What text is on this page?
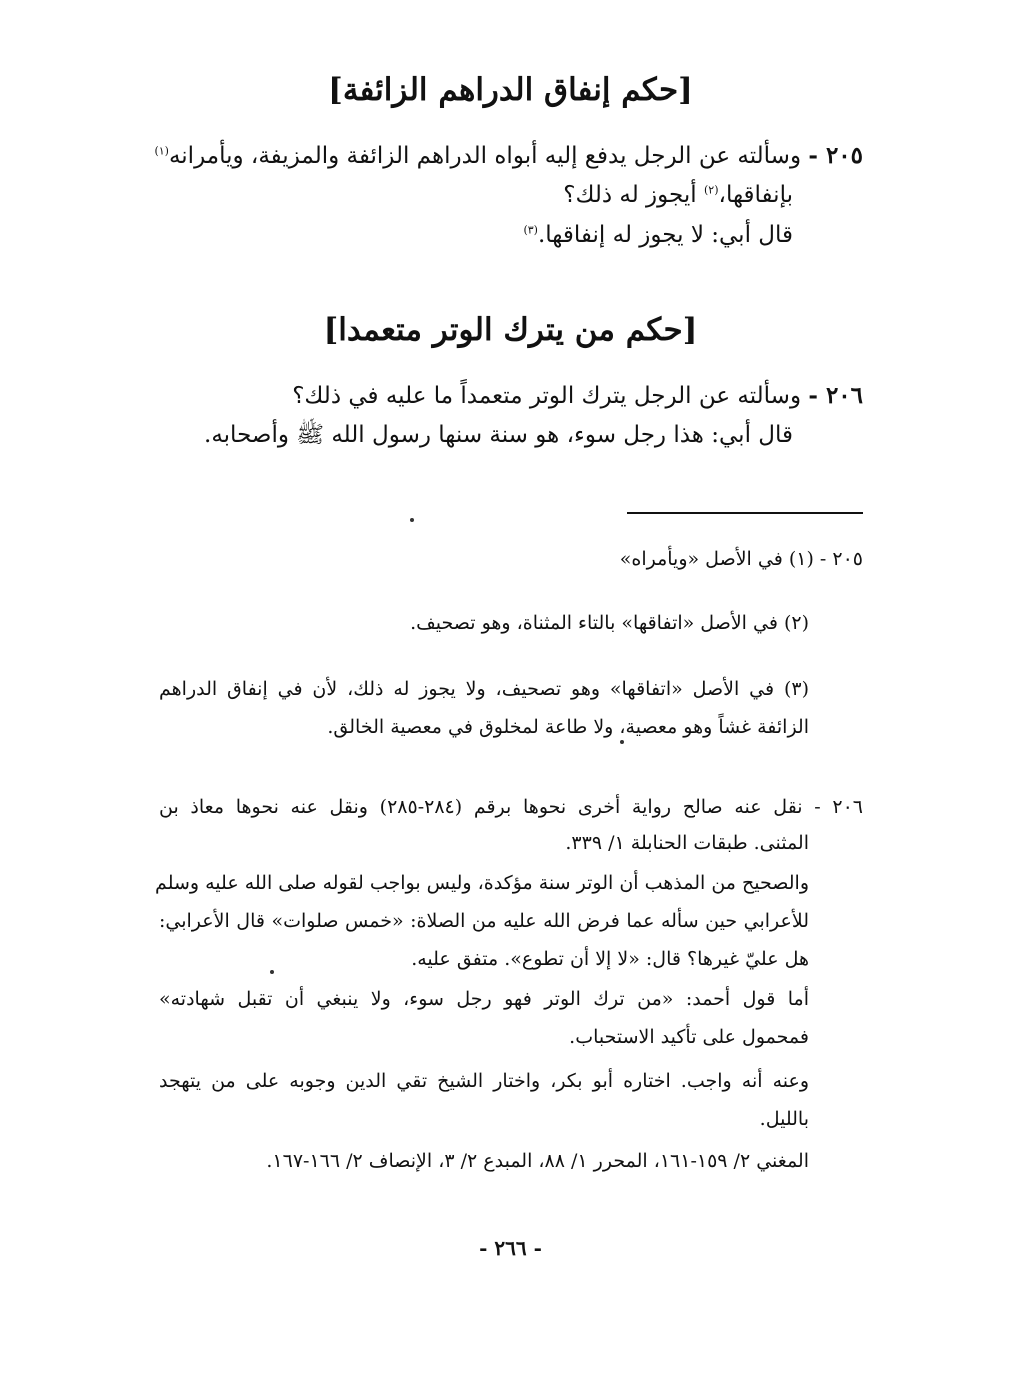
[حكم إنفاق الدراهم الزائفة]
٢٠٥ - وسألته عن الرجل يدفع إليه أبواه الدراهم الزائفة والمزيفة، ويأمرانه$^{(١)}$
بإنفاقها،$^{(٢)}$ أيجوز له ذلك؟
قال أبي: لا يجوز له إنفاقها.$^{(٣)}$
[حكم من يترك الوتر متعمدا]
٢٠٦ - وسألته عن الرجل يترك الوتر متعمداً ما عليه في ذلك؟
قال أبي: هذا رجل سوء، هو سنة سنها رسول الله ﷺ وأصحابه.
٢٠٥ - (١) في الأصل «ويأمراه»
(٢) في الأصل «اتفاقها» بالتاء المثناة، وهو تصحيف.
(٣) في الأصل «اتفاقها» وهو تصحيف، ولا يجوز له ذلك، لأن في إنفاق الدراهم
الزائفة غشاً وهو معصية، ولا طاعة لمخلوق في معصية الخالق.
٢٠٦ - نقل عنه صالح رواية أخرى نحوها برقم (٢٨٤-٢٨٥) ونقل عنه نحوها معاذ بن
المثنى. طبقات الحنابلة ١/ ٣٣٩.
والصحيح من المذهب أن الوتر سنة مؤكدة، وليس بواجب لقوله صلى الله عليه وسلم
للأعرابي حين سأله عما فرض الله عليه من الصلاة: «خمس صلوات» قال الأعرابي:
هل عليّ غيرها؟ قال: «لا إلا أن تطوع». متفق عليه.
أما قول أحمد: «من ترك الوتر فهو رجل سوء، ولا ينبغي أن تقبل شهادته»
فمحمول على تأكيد الاستحباب.
وعنه أنه واجب. اختاره أبو بكر، واختار الشيخ تقي الدين وجوبه على من يتهجد
بالليل.
المغني ٢/ ١٥٩-١٦١، المحرر ١/ ٨٨، المبدع ٢/ ٣، الإنصاف ٢/ ١٦٦-١٦٧.
- ٢٦٦ -
